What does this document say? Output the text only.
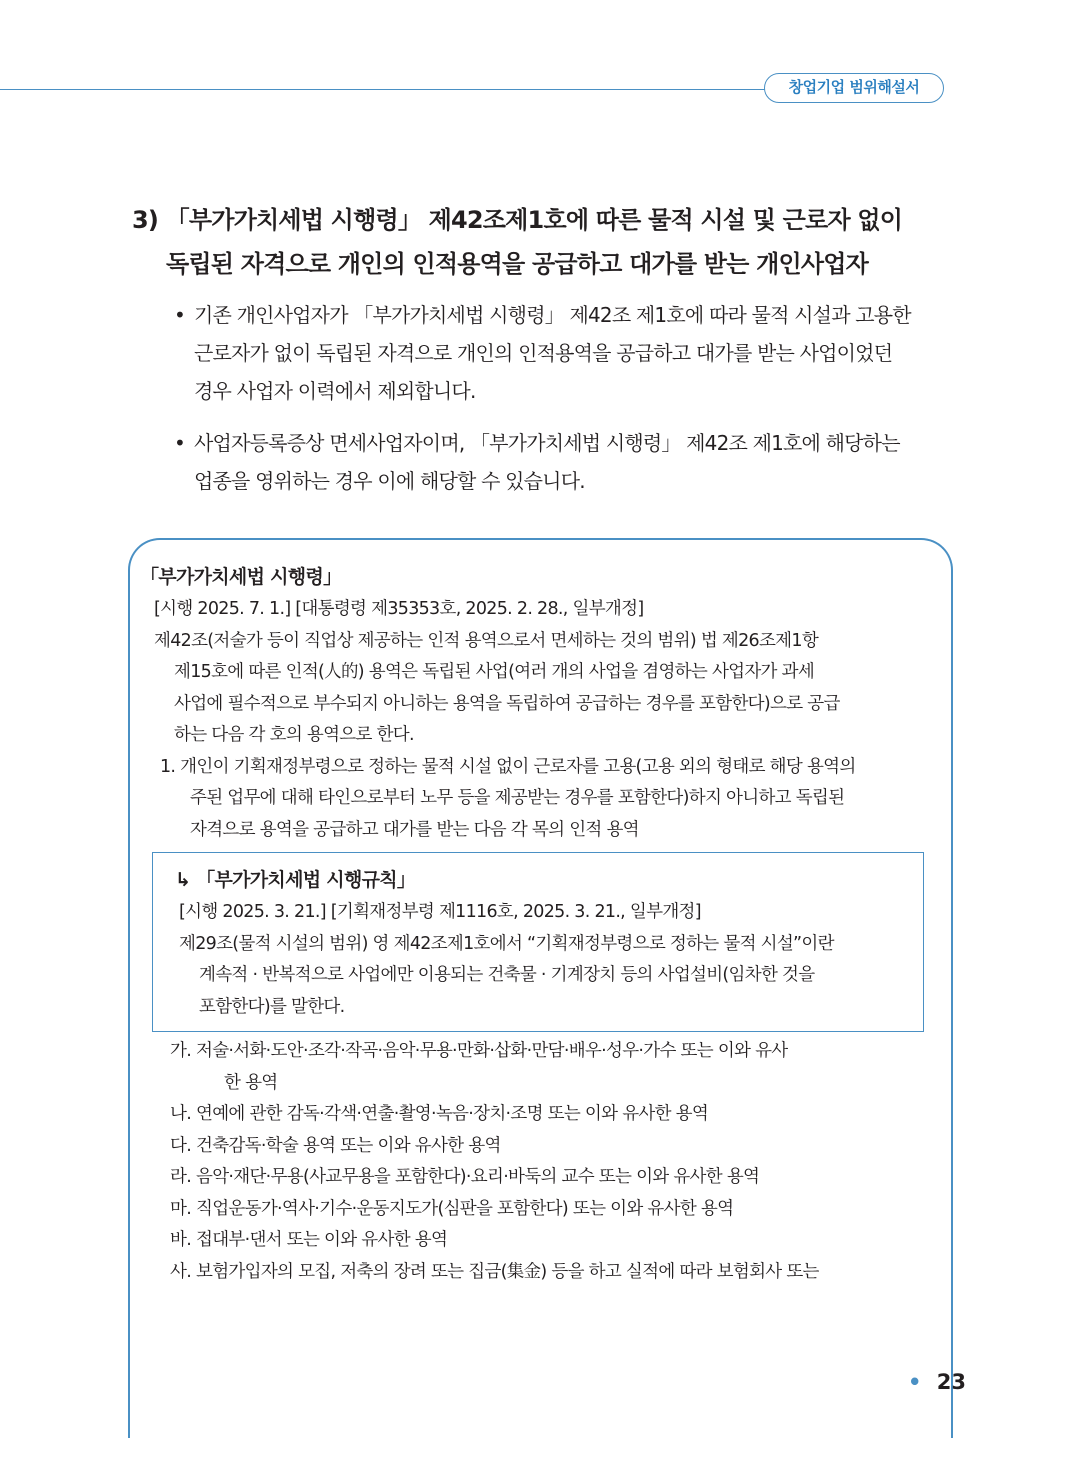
창업기업 범위해설서
3) 「부가가치세법 시행령」 제42조제1호에 따른 물적 시설 및 근로자 없이
독립된 자격으로 개인의 인적용역을 공급하고 대가를 받는 개인사업자
• 기존 개인사업자가 「부가가치세법 시행령」 제42조 제1호에 따라 물적 시설과 고용한
근로자가 없이 독립된 자격으로 개인의 인적용역을 공급하고 대가를 받는 사업이었던
경우 사업자 이력에서 제외합니다.
• 사업자등록증상 면세사업자이며, 「부가가치세법 시행령」 제42조 제1호에 해당하는
업종을 영위하는 경우 이에 해당할 수 있습니다.
「부가가치세법 시행령」
[시행 2025. 7. 1.] [대통령령 제35353호, 2025. 2. 28., 일부개정]
제42조(저술가 등이 직업상 제공하는 인적 용역으로서 면세하는 것의 범위) 법 제26조제1항
제15호에 따른 인적(人的) 용역은 독립된 사업(여러 개의 사업을 겸영하는 사업자가 과세
사업에 필수적으로 부수되지 아니하는 용역을 독립하여 공급하는 경우를 포함한다)으로 공급
하는 다음 각 호의 용역으로 한다.
1. 개인이 기획재정부령으로 정하는 물적 시설 없이 근로자를 고용(고용 외의 형태로 해당 용역의
주된 업무에 대해 타인으로부터 노무 등을 제공받는 경우를 포함한다)하지 아니하고 독립된
자격으로 용역을 공급하고 대가를 받는 다음 각 목의 인적 용역
↳ 「부가가치세법 시행규칙」
[시행 2025. 3. 21.] [기획재정부령 제1116호, 2025. 3. 21., 일부개정]
제29조(물적 시설의 범위) 영 제42조제1호에서 “기획재정부령으로 정하는 물적 시설”이란
계속적 · 반복적으로 사업에만 이용되는 건축물 · 기계장치 등의 사업설비(임차한 것을
포함한다)를 말한다.
가. 저술·서화·도안·조각·작곡·음악·무용·만화·삽화·만담·배우·성우·가수 또는 이와 유사
한 용역
나. 연예에 관한 감독·각색·연출·촬영·녹음·장치·조명 또는 이와 유사한 용역
다. 건축감독·학술 용역 또는 이와 유사한 용역
라. 음악·재단·무용(사교무용을 포함한다)·요리·바둑의 교수 또는 이와 유사한 용역
마. 직업운동가·역사·기수·운동지도가(심판을 포함한다) 또는 이와 유사한 용역
바. 접대부·댄서 또는 이와 유사한 용역
사. 보험가입자의 모집, 저축의 장려 또는 집금(集金) 등을 하고 실적에 따라 보험회사 또는
• 23
